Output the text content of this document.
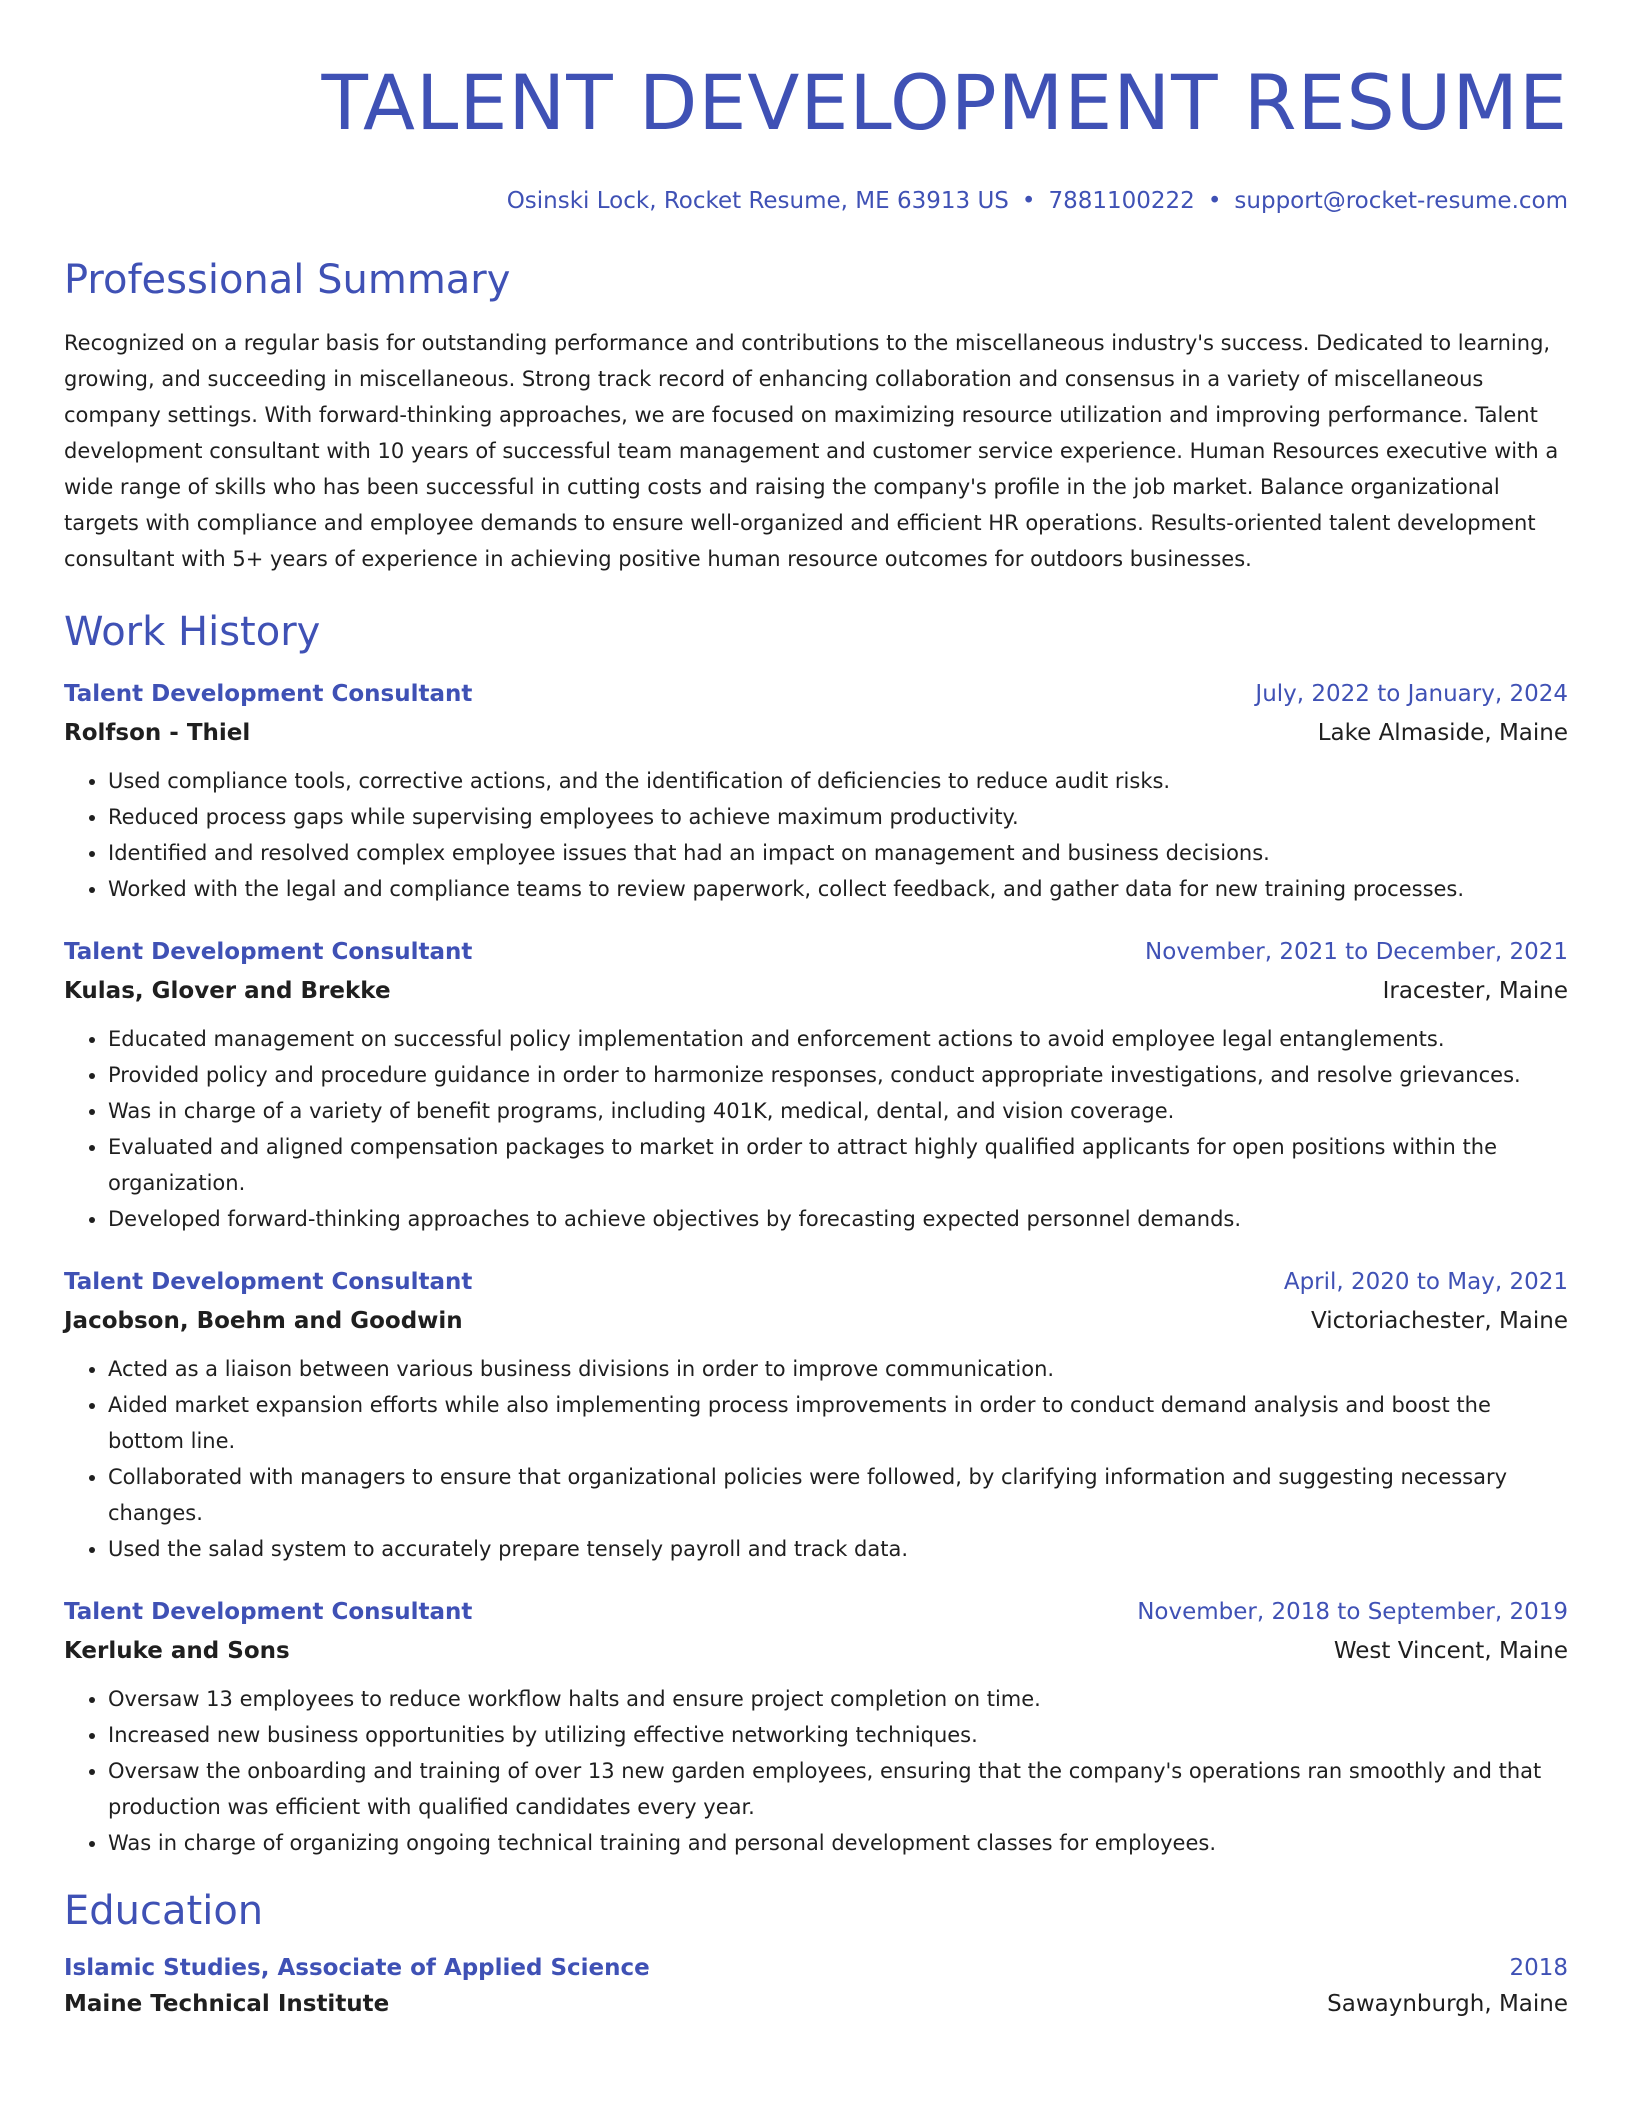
TALENT DEVELOPMENT RESUME
Osinski Lock, Rocket Resume, ME 63913 US • 7881100222 • support@rocket-resume.com
Professional Summary
Recognized on a regular basis for outstanding performance and contributions to the miscellaneous industry's success. Dedicated to learning, growing, and succeeding in miscellaneous. Strong track record of enhancing collaboration and consensus in a variety of miscellaneous company settings. With forward-thinking approaches, we are focused on maximizing resource utilization and improving performance. Talent development consultant with 10 years of successful team management and customer service experience. Human Resources executive with a wide range of skills who has been successful in cutting costs and raising the company's profile in the job market. Balance organizational targets with compliance and employee demands to ensure well-organized and efficient HR operations. Results-oriented talent development consultant with 5+ years of experience in achieving positive human resource outcomes for outdoors businesses.
Work History
Talent Development Consultant	July, 2022 to January, 2024
Rolfson - Thiel	Lake Almaside, Maine
• Used compliance tools, corrective actions, and the identification of deficiencies to reduce audit risks.
• Reduced process gaps while supervising employees to achieve maximum productivity.
• Identified and resolved complex employee issues that had an impact on management and business decisions.
• Worked with the legal and compliance teams to review paperwork, collect feedback, and gather data for new training processes.
Talent Development Consultant	November, 2021 to December, 2021
Kulas, Glover and Brekke	Iracester, Maine
• Educated management on successful policy implementation and enforcement actions to avoid employee legal entanglements.
• Provided policy and procedure guidance in order to harmonize responses, conduct appropriate investigations, and resolve grievances.
• Was in charge of a variety of benefit programs, including 401K, medical, dental, and vision coverage.
• Evaluated and aligned compensation packages to market in order to attract highly qualified applicants for open positions within the organization.
• Developed forward-thinking approaches to achieve objectives by forecasting expected personnel demands.
Talent Development Consultant	April, 2020 to May, 2021
Jacobson, Boehm and Goodwin	Victoriachester, Maine
• Acted as a liaison between various business divisions in order to improve communication.
• Aided market expansion efforts while also implementing process improvements in order to conduct demand analysis and boost the bottom line.
• Collaborated with managers to ensure that organizational policies were followed, by clarifying information and suggesting necessary changes.
• Used the salad system to accurately prepare tensely payroll and track data.
Talent Development Consultant	November, 2018 to September, 2019
Kerluke and Sons	West Vincent, Maine
• Oversaw 13 employees to reduce workflow halts and ensure project completion on time.
• Increased new business opportunities by utilizing effective networking techniques.
• Oversaw the onboarding and training of over 13 new garden employees, ensuring that the company's operations ran smoothly and that production was efficient with qualified candidates every year.
• Was in charge of organizing ongoing technical training and personal development classes for employees.
Education
Islamic Studies, Associate of Applied Science	2018
Maine Technical Institute	Sawaynburgh, Maine
